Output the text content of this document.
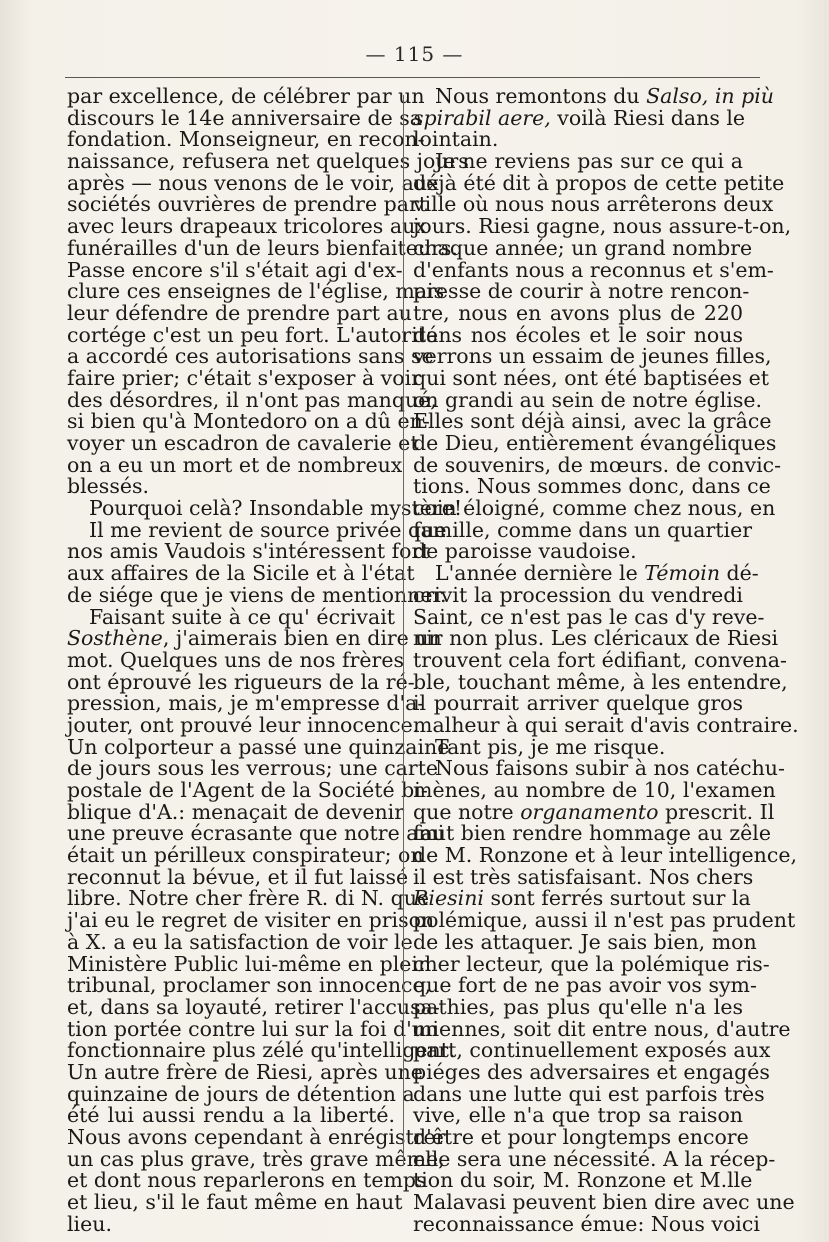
— 115 —
par excellence, de célébrer par un
discours le 14e anniversaire de sa
fondation. Monseigneur, en recon-
naissance, refusera net quelques jours
après — nous venons de le voir, aux
sociétés ouvrières de prendre part
avec leurs drapeaux tricolores aux
funérailles d'un de leurs bienfaiteurs.
Passe encore s'il s'était agi d'ex-
clure ces enseignes de l'église, mais
leur défendre de prendre part au
cortége c'est un peu fort. L'autorité
a accordé ces autorisations sans se
faire prier; c'était s'exposer à voir
des désordres, il n'ont pas manqué,
si bien qu'à Montedoro on a dû en-
voyer un escadron de cavalerie et
on a eu un mort et de nombreux
blessés.
Pourquoi celà? Insondable mystère!
Il me revient de source privée que
nos amis Vaudois s'intéressent fort
aux affaires de la Sicile et à l'état
de siége que je viens de mentionner.
Faisant suite à ce qu' écrivait
Sosthène, j'aimerais bien en dire un
mot. Quelques uns de nos frères
ont éprouvé les rigueurs de la ré-
pression, mais, je m'empresse d'a-
jouter, ont prouvé leur innocence.
Un colporteur a passé une quinzaine
de jours sous les verrous; une carte
postale de l'Agent de la Société bi-
blique d'A.: menaçait de devenir
une preuve écrasante que notre ami
était un périlleux conspirateur; on
reconnut la bévue, et il fut laissé
libre. Notre cher frère R. di N. que
j'ai eu le regret de visiter en prison
à X. a eu la satisfaction de voir le
Ministère Public lui-même en plein
tribunal, proclamer son innocence,
et, dans sa loyauté, retirer l'accusa-
tion portée contre lui sur la foi d'un
fonctionnaire plus zélé qu'intelligent.
Un autre frère de Riesi, après une
quinzaine de jours de détention a
été lui aussi rendu a la liberté.
Nous avons cependant à enrégistrer
un cas plus grave, très grave même,
et dont nous reparlerons en temps
et lieu, s'il le faut même en haut
lieu.
Nous remontons du Salso, in più
spirabil aere, voilà Riesi dans le
lointain.
Je ne reviens pas sur ce qui a
déjà été dit à propos de cette petite
ville où nous nous arrêterons deux
jours. Riesi gagne, nous assure-t-on,
chaque année; un grand nombre
d'enfants nous a reconnus et s'em-
presse de courir à notre rencon-
tre, nous en avons plus de 220
dans nos écoles et le soir nous
verrons un essaim de jeunes filles,
qui sont nées, ont été baptisées et
on grandi au sein de notre église.
Elles sont déjà ainsi, avec la grâce
de Dieu, entièrement évangéliques
de souvenirs, de mœurs. de convic-
tions. Nous sommes donc, dans ce
coin éloigné, comme chez nous, en
famille, comme dans un quartier
de paroisse vaudoise.
L'année dernière le Témoin dé-
crivit la procession du vendredi
Saint, ce n'est pas le cas d'y reve-
nir non plus. Les cléricaux de Riesi
trouvent cela fort édifiant, convena-
ble, touchant même, à les entendre,
il pourrait arriver quelque gros
malheur à qui serait d'avis contraire.
Tant pis, je me risque.
Nous faisons subir à nos catéchu-
mènes, au nombre de 10, l'examen
que notre organamento prescrit. Il
faut bien rendre hommage au zêle
de M. Ronzone et à leur intelligence,
il est très satisfaisant. Nos chers
Riesini sont ferrés surtout sur la
polémique, aussi il n'est pas prudent
de les attaquer. Je sais bien, mon
cher lecteur, que la polémique ris-
que fort de ne pas avoir vos sym-
pathies, pas plus qu'elle n'a les
miennes, soit dit entre nous, d'autre
part, continuellement exposés aux
piéges des adversaires et engagés
dans une lutte qui est parfois très
vive, elle n'a que trop sa raison
d'être et pour longtemps encore
elle sera une nécessité. A la récep-
tion du soir, M. Ronzone et M.lle
Malavasi peuvent bien dire avec une
reconnaissance émue: Nous voici
